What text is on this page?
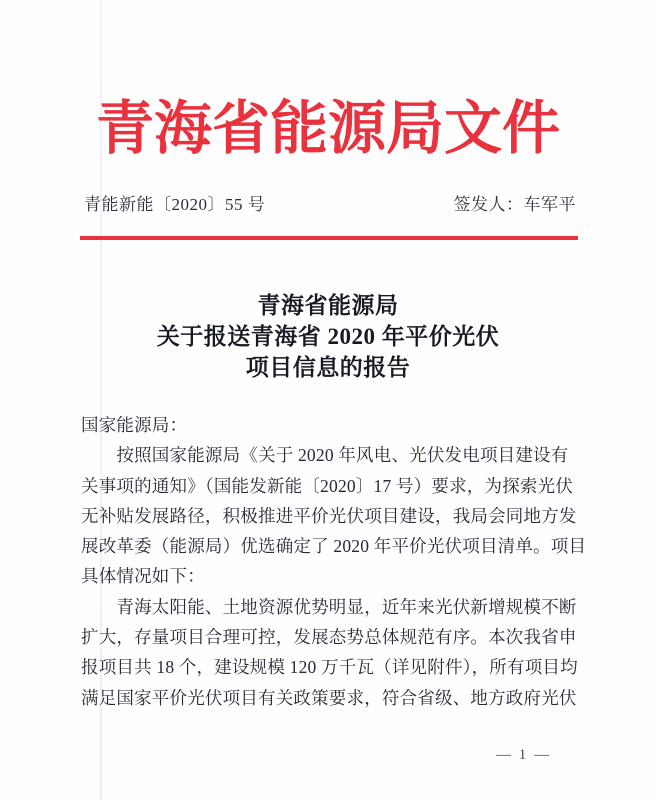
青海省能源局文件
青能新能〔2020〕55 号	签发人：车军平
青海省能源局
关于报送青海省 2020 年平价光伏
项目信息的报告
国家能源局：
　　按照国家能源局《关于 2020 年风电、光伏发电项目建设有
关事项的通知》（国能发新能〔2020〕17 号）要求，为探索光伏
无补贴发展路径，积极推进平价光伏项目建设，我局会同地方发
展改革委（能源局）优选确定了 2020 年平价光伏项目清单。项目
具体情况如下：
　　青海太阳能、土地资源优势明显，近年来光伏新增规模不断
扩大，存量项目合理可控，发展态势总体规范有序。本次我省申
报项目共 18 个，建设规模 120 万千瓦（详见附件），所有项目均
满足国家平价光伏项目有关政策要求，符合省级、地方政府光伏
— 1 —
